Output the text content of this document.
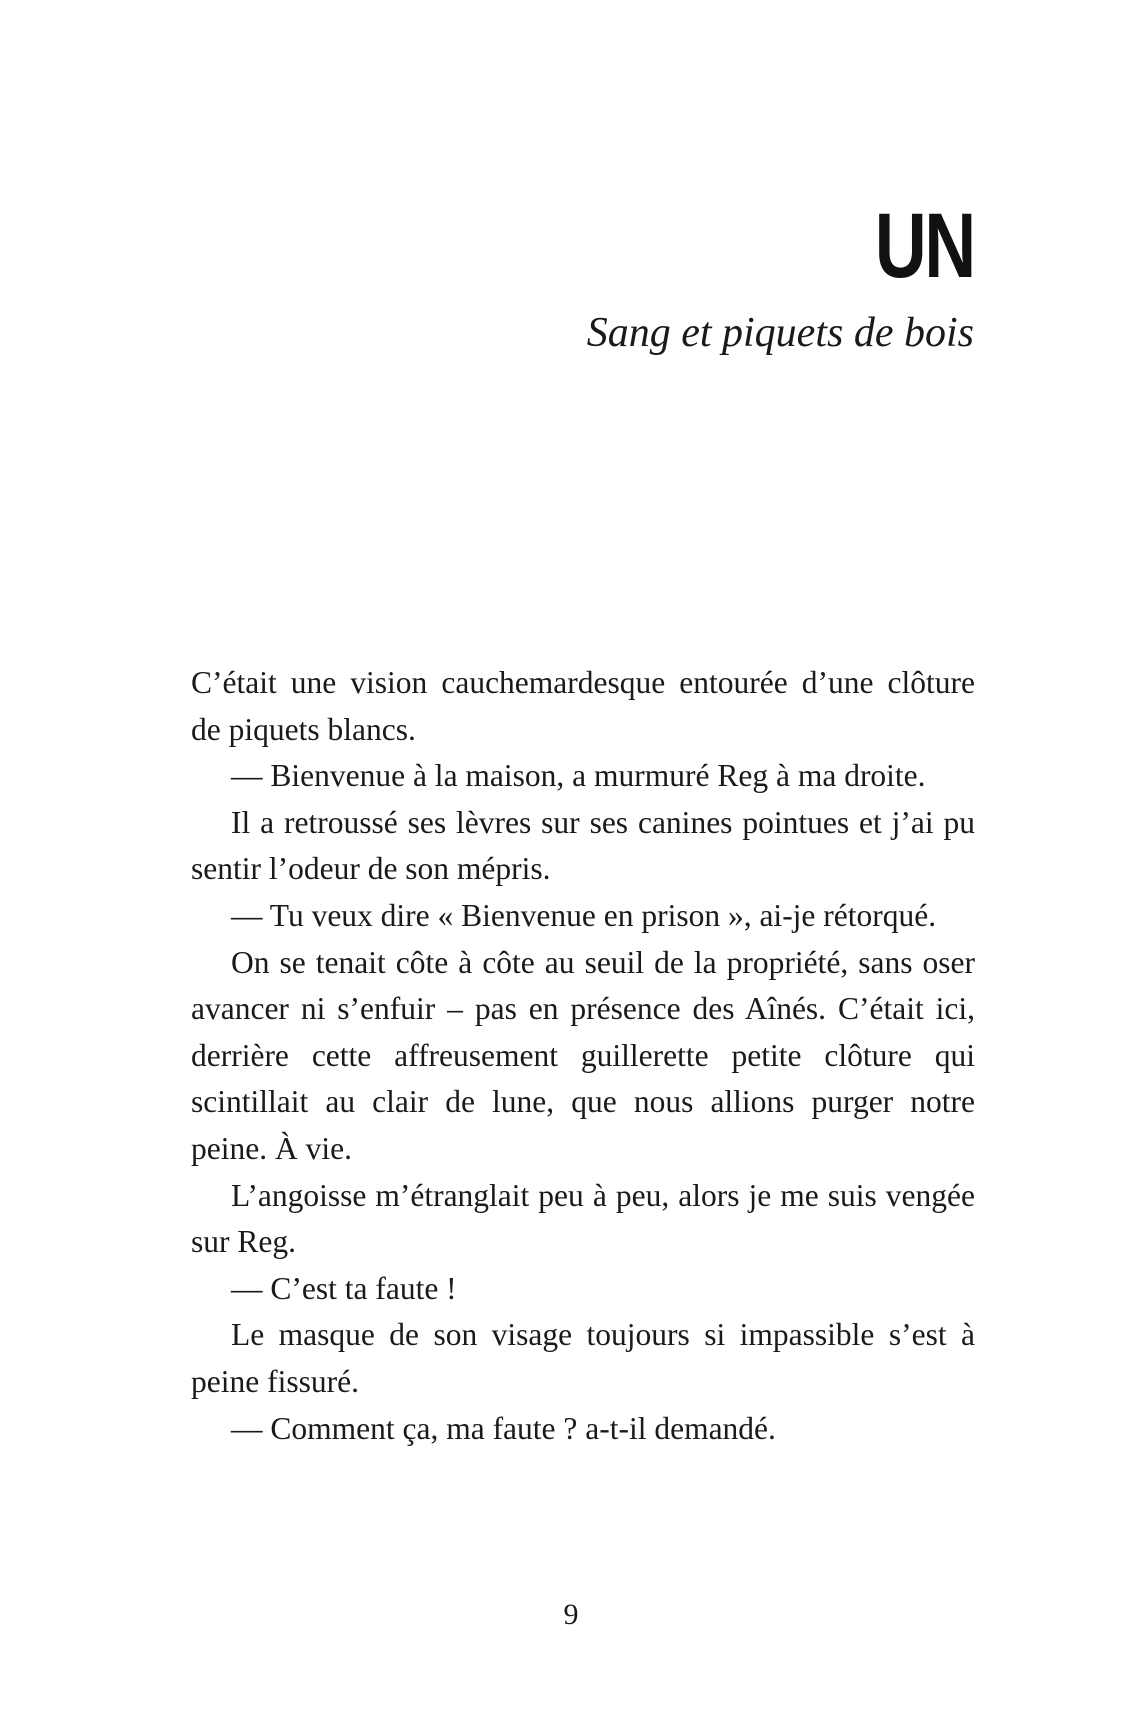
UN
Sang et piquets de bois

C’était une vision cauchemardesque entourée d’une clôture de piquets blancs.

— Bienvenue à la maison, a murmuré Reg à ma droite.

Il a retroussé ses lèvres sur ses canines pointues et j’ai pu sentir l’odeur de son mépris.

— Tu veux dire « Bienvenue en prison », ai-je rétorqué.

On se tenait côte à côte au seuil de la propriété, sans oser avancer ni s’enfuir – pas en présence des Aînés. C’était ici, derrière cette affreusement guillerette petite clôture qui scintillait au clair de lune, que nous allions purger notre peine. À vie.

L’angoisse m’étranglait peu à peu, alors je me suis vengée sur Reg.

— C’est ta faute !

Le masque de son visage toujours si impassible s’est à peine fissuré.

— Comment ça, ma faute ? a-t-il demandé.

9
